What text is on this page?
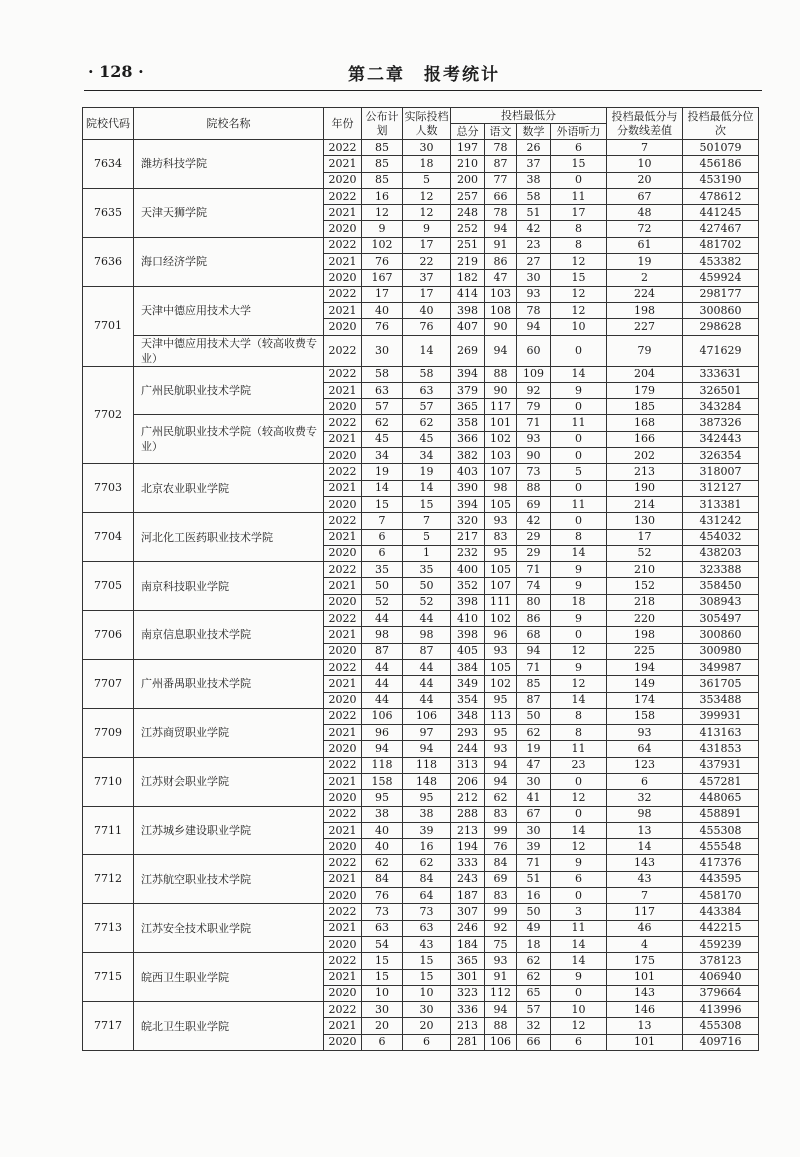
· 128 ·	第二章　报考统计
院校代码	院校名称	年份	公布计划	实际投档人数	投档最低分				投档最低分与分数线差值	投档最低分位次
					总分	语文	数学	外语听力		
7634	潍坊科技学院	2022	85	30	197	78	26	6	7	501079
		2021	85	18	210	87	37	15	10	456186
		2020	85	5	200	77	38	0	20	453190
7635	天津天狮学院	2022	16	12	257	66	58	11	67	478612
		2021	12	12	248	78	51	17	48	441245
		2020	9	9	252	94	42	8	72	427467
7636	海口经济学院	2022	102	17	251	91	23	8	61	481702
		2021	76	22	219	86	27	12	19	453382
		2020	167	37	182	47	30	15	2	459924
7701	天津中德应用技术大学	2022	17	17	414	103	93	12	224	298177
		2021	40	40	398	108	78	12	198	300860
		2020	76	76	407	90	94	10	227	298628
	天津中德应用技术大学（较高收费专业）	2022	30	14	269	94	60	0	79	471629
7702	广州民航职业技术学院	2022	58	58	394	88	109	14	204	333631
		2021	63	63	379	90	92	9	179	326501
		2020	57	57	365	117	79	0	185	343284
	广州民航职业技术学院（较高收费专业）	2022	62	62	358	101	71	11	168	387326
		2021	45	45	366	102	93	0	166	342443
		2020	34	34	382	103	90	0	202	326354
7703	北京农业职业学院	2022	19	19	403	107	73	5	213	318007
		2021	14	14	390	98	88	0	190	312127
		2020	15	15	394	105	69	11	214	313381
7704	河北化工医药职业技术学院	2022	7	7	320	93	42	0	130	431242
		2021	6	5	217	83	29	8	17	454032
		2020	6	1	232	95	29	14	52	438203
7705	南京科技职业学院	2022	35	35	400	105	71	9	210	323388
		2021	50	50	352	107	74	9	152	358450
		2020	52	52	398	111	80	18	218	308943
7706	南京信息职业技术学院	2022	44	44	410	102	86	9	220	305497
		2021	98	98	398	96	68	0	198	300860
		2020	87	87	405	93	94	12	225	300980
7707	广州番禺职业技术学院	2022	44	44	384	105	71	9	194	349987
		2021	44	44	349	102	85	12	149	361705
		2020	44	44	354	95	87	14	174	353488
7709	江苏商贸职业学院	2022	106	106	348	113	50	8	158	399931
		2021	96	97	293	95	62	8	93	413163
		2020	94	94	244	93	19	11	64	431853
7710	江苏财会职业学院	2022	118	118	313	94	47	23	123	437931
		2021	158	148	206	94	30	0	6	457281
		2020	95	95	212	62	41	12	32	448065
7711	江苏城乡建设职业学院	2022	38	38	288	83	67	0	98	458891
		2021	40	39	213	99	30	14	13	455308
		2020	40	16	194	76	39	12	14	455548
7712	江苏航空职业技术学院	2022	62	62	333	84	71	9	143	417376
		2021	84	84	243	69	51	6	43	443595
		2020	76	64	187	83	16	0	7	458170
7713	江苏安全技术职业学院	2022	73	73	307	99	50	3	117	443384
		2021	63	63	246	92	49	11	46	442215
		2020	54	43	184	75	18	14	4	459239
7715	皖西卫生职业学院	2022	15	15	365	93	62	14	175	378123
		2021	15	15	301	91	62	9	101	406940
		2020	10	10	323	112	65	0	143	379664
7717	皖北卫生职业学院	2022	30	30	336	94	57	10	146	413996
		2021	20	20	213	88	32	12	13	455308
		2020	6	6	281	106	66	6	101	409716
